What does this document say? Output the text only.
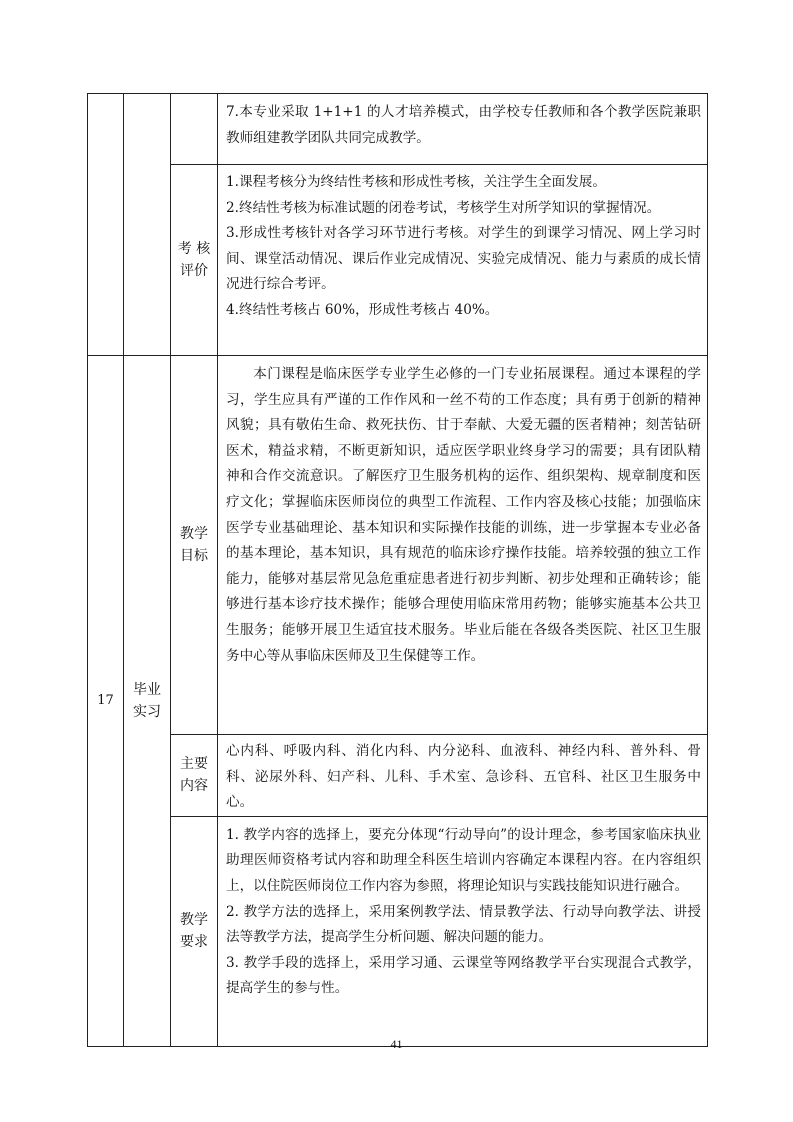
			7.本专业采取 1+1+1 的人才培养模式，由学校专任教师和各个教学医院兼职教师组建教学团队共同完成教学。

		考 核 评价	1.课程考核分为终结性考核和形成性考核，关注学生全面发展。

2.终结性考核为标准试题的闭卷考试，考核学生对所学知识的掌握情况。

3.形成性考核针对各学习环节进行考核。对学生的到课学习情况、网上学习时间、课堂活动情况、课后作业完成情况、实验完成情况、能力与素质的成长情况进行综合考评。

4.终结性考核占 60%，形成性考核占 40%。

17	毕业 实习	教学 目标	本门课程是临床医学专业学生必修的一门专业拓展课程。通过本课程的学习，学生应具有严谨的工作作风和一丝不苟的工作态度；具有勇于创新的精神风貌；具有敬佑生命、救死扶伤、甘于奉献、大爱无疆的医者精神；刻苦钻研医术，精益求精，不断更新知识，适应医学职业终身学习的需要；具有团队精神和合作交流意识。了解医疗卫生服务机构的运作、组织架构、规章制度和医疗文化；掌握临床医师岗位的典型工作流程、工作内容及核心技能；加强临床医学专业基础理论、基本知识和实际操作技能的训练，进一步掌握本专业必备的基本理论，基本知识，具有规范的临床诊疗操作技能。培养较强的独立工作能力，能够对基层常见急危重症患者进行初步判断、初步处理和正确转诊；能够进行基本诊疗技术操作；能够合理使用临床常用药物；能够实施基本公共卫生服务；能够开展卫生适宜技术服务。毕业后能在各级各类医院、社区卫生服务中心等从事临床医师及卫生保健等工作。

		主要 内容	心内科、呼吸内科、消化内科、内分泌科、血液科、神经内科、普外科、骨科、泌尿外科、妇产科、儿科、手术室、急诊科、五官科、社区卫生服务中心。

		教学 要求	1. 教学内容的选择上，要充分体现“行动导向”的设计理念，参考国家临床执业助理医师资格考试内容和助理全科医生培训内容确定本课程内容。在内容组织上，以住院医师岗位工作内容为参照，将理论知识与实践技能知识进行融合。

2. 教学方法的选择上，采用案例教学法、情景教学法、行动导向教学法、讲授法等教学方法，提高学生分析问题、解决问题的能力。

3. 教学手段的选择上，采用学习通、云课堂等网络教学平台实现混合式教学，提高学生的参与性。

41
